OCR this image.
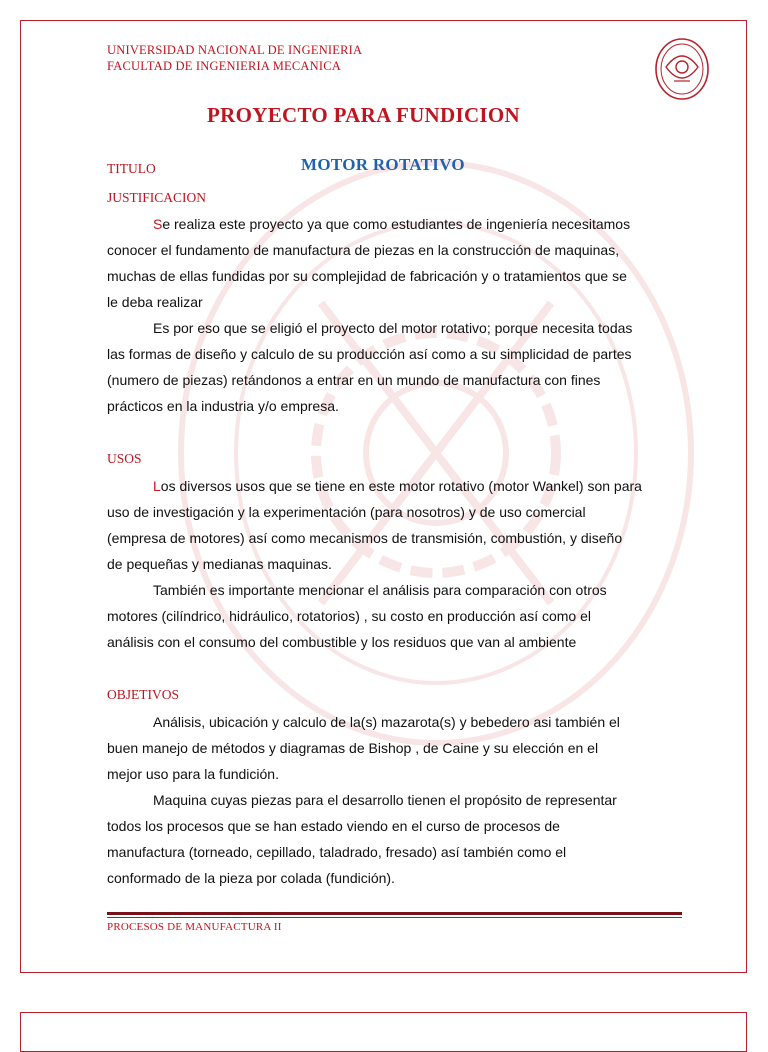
UNIVERSIDAD NACIONAL DE INGENIERIA
FACULTAD DE INGENIERIA MECANICA
PROYECTO PARA FUNDICION
TITULO	MOTOR ROTATIVO
JUSTIFICACION
Se realiza este proyecto ya que como estudiantes de ingeniería necesitamos
conocer el fundamento de manufactura de piezas en la construcción de maquinas,
muchas de ellas fundidas por su complejidad de fabricación y o tratamientos que se
le deba realizar
Es por eso que se eligió el proyecto del motor rotativo; porque necesita todas
las formas de diseño y calculo de su producción así como a su simplicidad de partes
(numero de piezas) retándonos a entrar en un mundo de manufactura con fines
prácticos en la industria y/o empresa.
USOS
Los diversos usos que se tiene en este motor rotativo (motor Wankel) son para
uso de investigación y la experimentación (para nosotros) y de uso comercial
(empresa de motores) así como mecanismos de transmisión, combustión, y diseño
de pequeñas y medianas maquinas.
También es importante mencionar el análisis para comparación con otros
motores (cilíndrico, hidráulico, rotatorios) , su costo en producción así como el
análisis con el consumo del combustible y los residuos que van al ambiente
OBJETIVOS
Análisis, ubicación y calculo de la(s) mazarota(s) y bebedero asi también el
buen manejo de métodos y diagramas de Bishop , de Caine y su elección en el
mejor uso para la fundición.
Maquina cuyas piezas para el desarrollo tienen el propósito de representar
todos los procesos que se han estado viendo en el curso de procesos de
manufactura (torneado, cepillado, taladrado, fresado) así también como el
conformado de la pieza por colada (fundición).
PROCESOS DE MANUFACTURA II
